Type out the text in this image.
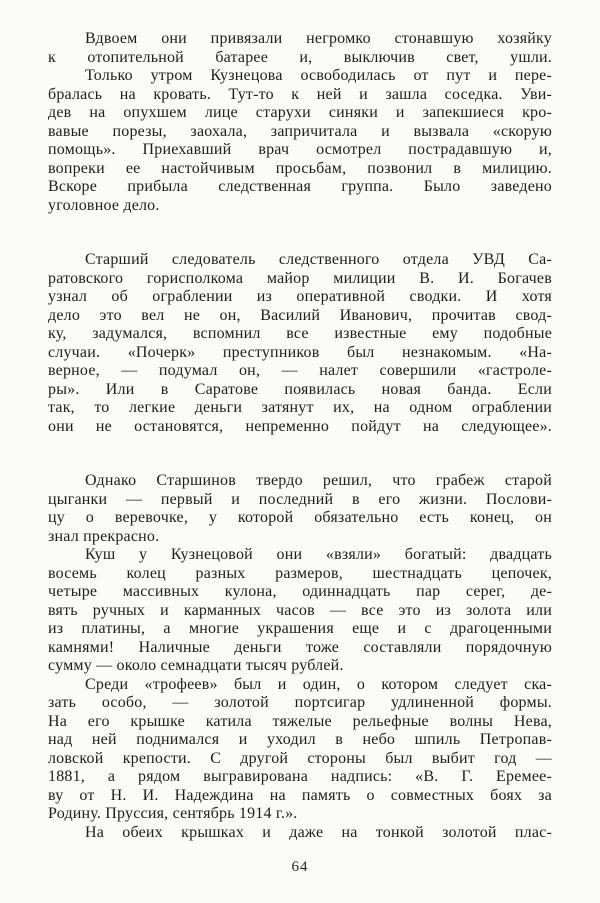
Вдвоем они привязали негромко стонавшую хозяйку
к отопительной батарее и, выключив свет, ушли.
Только утром Кузнецова освободилась от пут и пере-
бралась на кровать. Тут-то к ней и зашла соседка. Уви-
дев на опухшем лице старухи синяки и запекшиеся кро-
вавые порезы, заохала, запричитала и вызвала «скорую
помощь». Приехавший врач осмотрел пострадавшую и,
вопреки ее настойчивым просьбам, позвонил в милицию.
Вскоре прибыла следственная группа. Было заведено
уголовное дело.
Старший следователь следственного отдела УВД Са-
ратовского горисполкома майор милиции В. И. Богачев
узнал об ограблении из оперативной сводки. И хотя
дело это вел не он, Василий Иванович, прочитав свод-
ку, задумался, вспомнил все известные ему подобные
случаи. «Почерк» преступников был незнакомым. «На-
верное, — подумал он, — налет совершили «гастроле-
ры». Или в Саратове появилась новая банда. Если
так, то легкие деньги затянут их, на одном ограблении
они не остановятся, непременно пойдут на следующее».
Однако Старшинов твердо решил, что грабеж старой
цыганки — первый и последний в его жизни. Послови-
цу о веревочке, у которой обязательно есть конец, он
знал прекрасно.
Куш у Кузнецовой они «взяли» богатый: двадцать
восемь колец разных размеров, шестнадцать цепочек,
четыре массивных кулона, одиннадцать пар серег, де-
вять ручных и карманных часов — все это из золота или
из платины, а многие украшения еще и с драгоценными
камнями! Наличные деньги тоже составляли порядочную
сумму — около семнадцати тысяч рублей.
Среди «трофеев» был и один, о котором следует ска-
зать особо, — золотой портсигар удлиненной формы.
На его крышке катила тяжелые рельефные волны Нева,
над ней поднимался и уходил в небо шпиль Петропав-
ловской крепости. С другой стороны был выбит год —
1881, а рядом выгравирована надпись: «В. Г. Еремее-
ву от Н. И. Надеждина на память о совместных боях за
Родину. Пруссия, сентябрь 1914 г.».
На обеих крышках и даже на тонкой золотой плас-
64
